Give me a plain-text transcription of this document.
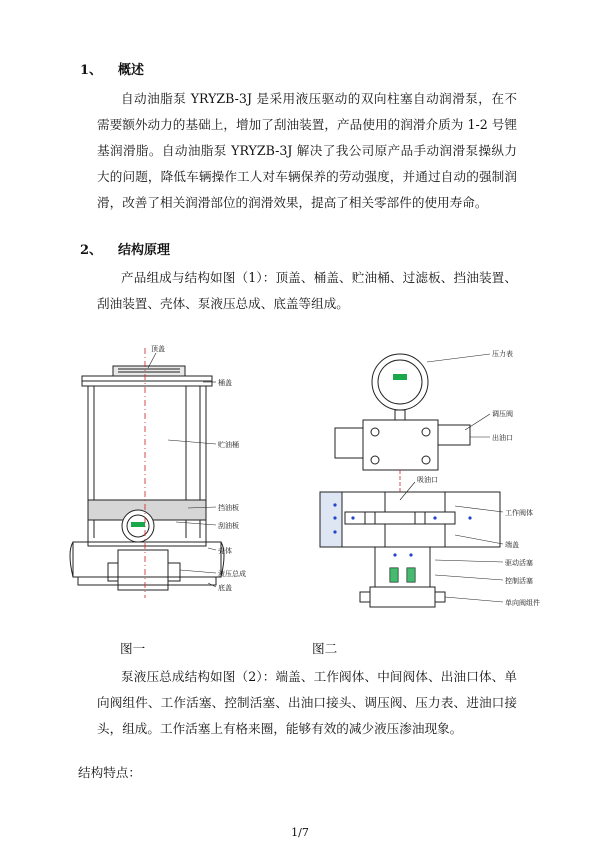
1、 概述

自动油脂泵 YRYZB-3J 是采用液压驱动的双向柱塞自动润滑泵，在不需要额外动力的基础上，增加了刮油装置，产品使用的润滑介质为 1-2 号锂基润滑脂。自动油脂泵 YRYZB-3J 解决了我公司原产品手动润滑泵操纵力大的问题，降低车辆操作工人对车辆保养的劳动强度，并通过自动的强制润滑，改善了相关润滑部位的润滑效果，提高了相关零部件的使用寿命。

2、 结构原理

产品组成与结构如图（1）：顶盖、桶盖、贮油桶、过滤板、挡油装置、刮油装置、壳体、泵液压总成、底盖等组成。

顶盖
桶盖
贮油桶
挡油板
刮油板
壳体
液压总成
底盖
压力表
调压阀
出油口
吸油口
工作阀体
端盖
驱动活塞
控制活塞
单向阀组件
图一	图二

泵液压总成结构如图（2）：端盖、工作阀体、中间阀体、出油口体、单向阀组件、工作活塞、控制活塞、出油口接头、调压阀、压力表、进油口接头，组成。工作活塞上有格来圈，能够有效的减少液压渗油现象。

结构特点：
1/7
